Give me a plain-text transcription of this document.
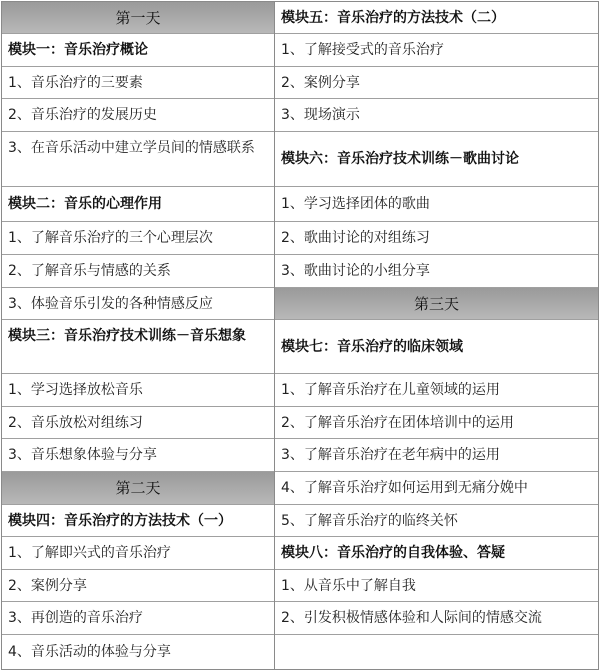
第一天
模块一：音乐治疗概论
1、音乐治疗的三要素
2、音乐治疗的发展历史
3、在音乐活动中建立学员间的情感联系
模块二：音乐的心理作用
1、了解音乐治疗的三个心理层次
2、了解音乐与情感的关系
3、体验音乐引发的各种情感反应
模块三：音乐治疗技术训练－音乐想象
1、学习选择放松音乐
2、音乐放松对组练习
3、音乐想象体验与分享
第二天
模块四：音乐治疗的方法技术（一）
1、了解即兴式的音乐治疗
2、案例分享
3、再创造的音乐治疗
4、音乐活动的体验与分享
模块五：音乐治疗的方法技术（二）
1、了解接受式的音乐治疗
2、案例分享
3、现场演示
模块六：音乐治疗技术训练－歌曲讨论
1、学习选择团体的歌曲
2、歌曲讨论的对组练习
3、歌曲讨论的小组分享
第三天
模块七：音乐治疗的临床领域
1、了解音乐治疗在儿童领域的运用
2、了解音乐治疗在团体培训中的运用
3、了解音乐治疗在老年病中的运用
4、了解音乐治疗如何运用到无痛分娩中
5、了解音乐治疗的临终关怀
模块八：音乐治疗的自我体验、答疑
1、从音乐中了解自我
2、引发积极情感体验和人际间的情感交流
